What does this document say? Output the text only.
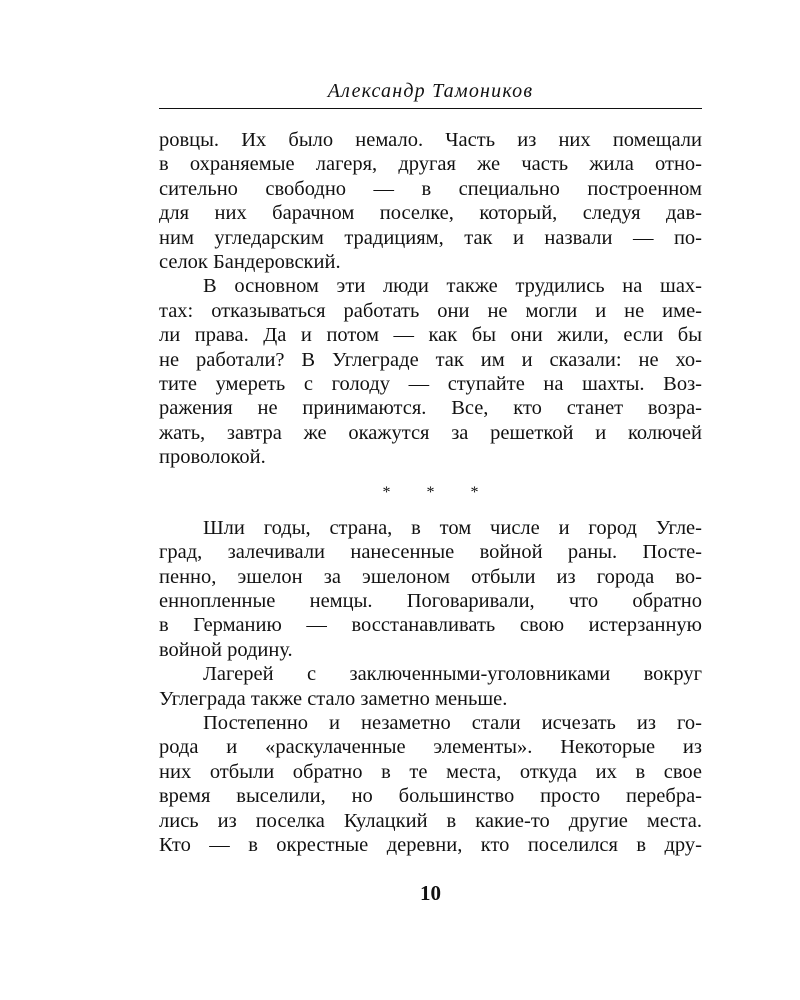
Александр Тамоников
ровцы. Их было немало. Часть из них помещали
в охраняемые лагеря, другая же часть жила отно-
сительно свободно — в специально построенном
для них барачном поселке, который, следуя дав-
ним угледарским традициям, так и назвали — по-
селок Бандеровский.
В основном эти люди также трудились на шах-
тах: отказываться работать они не могли и не име-
ли права. Да и потом — как бы они жили, если бы
не работали? В Углеграде так им и сказали: не хо-
тите умереть с голоду — ступайте на шахты. Воз-
ражения не принимаются. Все, кто станет возра-
жать, завтра же окажутся за решеткой и колючей
проволокой.
* * *
Шли годы, страна, в том числе и город Угле-
град, залечивали нанесенные войной раны. Посте-
пенно, эшелон за эшелоном отбыли из города во-
еннопленные немцы. Поговаривали, что обратно
в Германию — восстанавливать свою истерзанную
войной родину.
Лагерей с заключенными-уголовниками вокруг
Углеграда также стало заметно меньше.
Постепенно и незаметно стали исчезать из го-
рода и «раскулаченные элементы». Некоторые из
них отбыли обратно в те места, откуда их в свое
время выселили, но большинство просто перебра-
лись из поселка Кулацкий в какие-то другие места.
Кто — в окрестные деревни, кто поселился в дру-
10
